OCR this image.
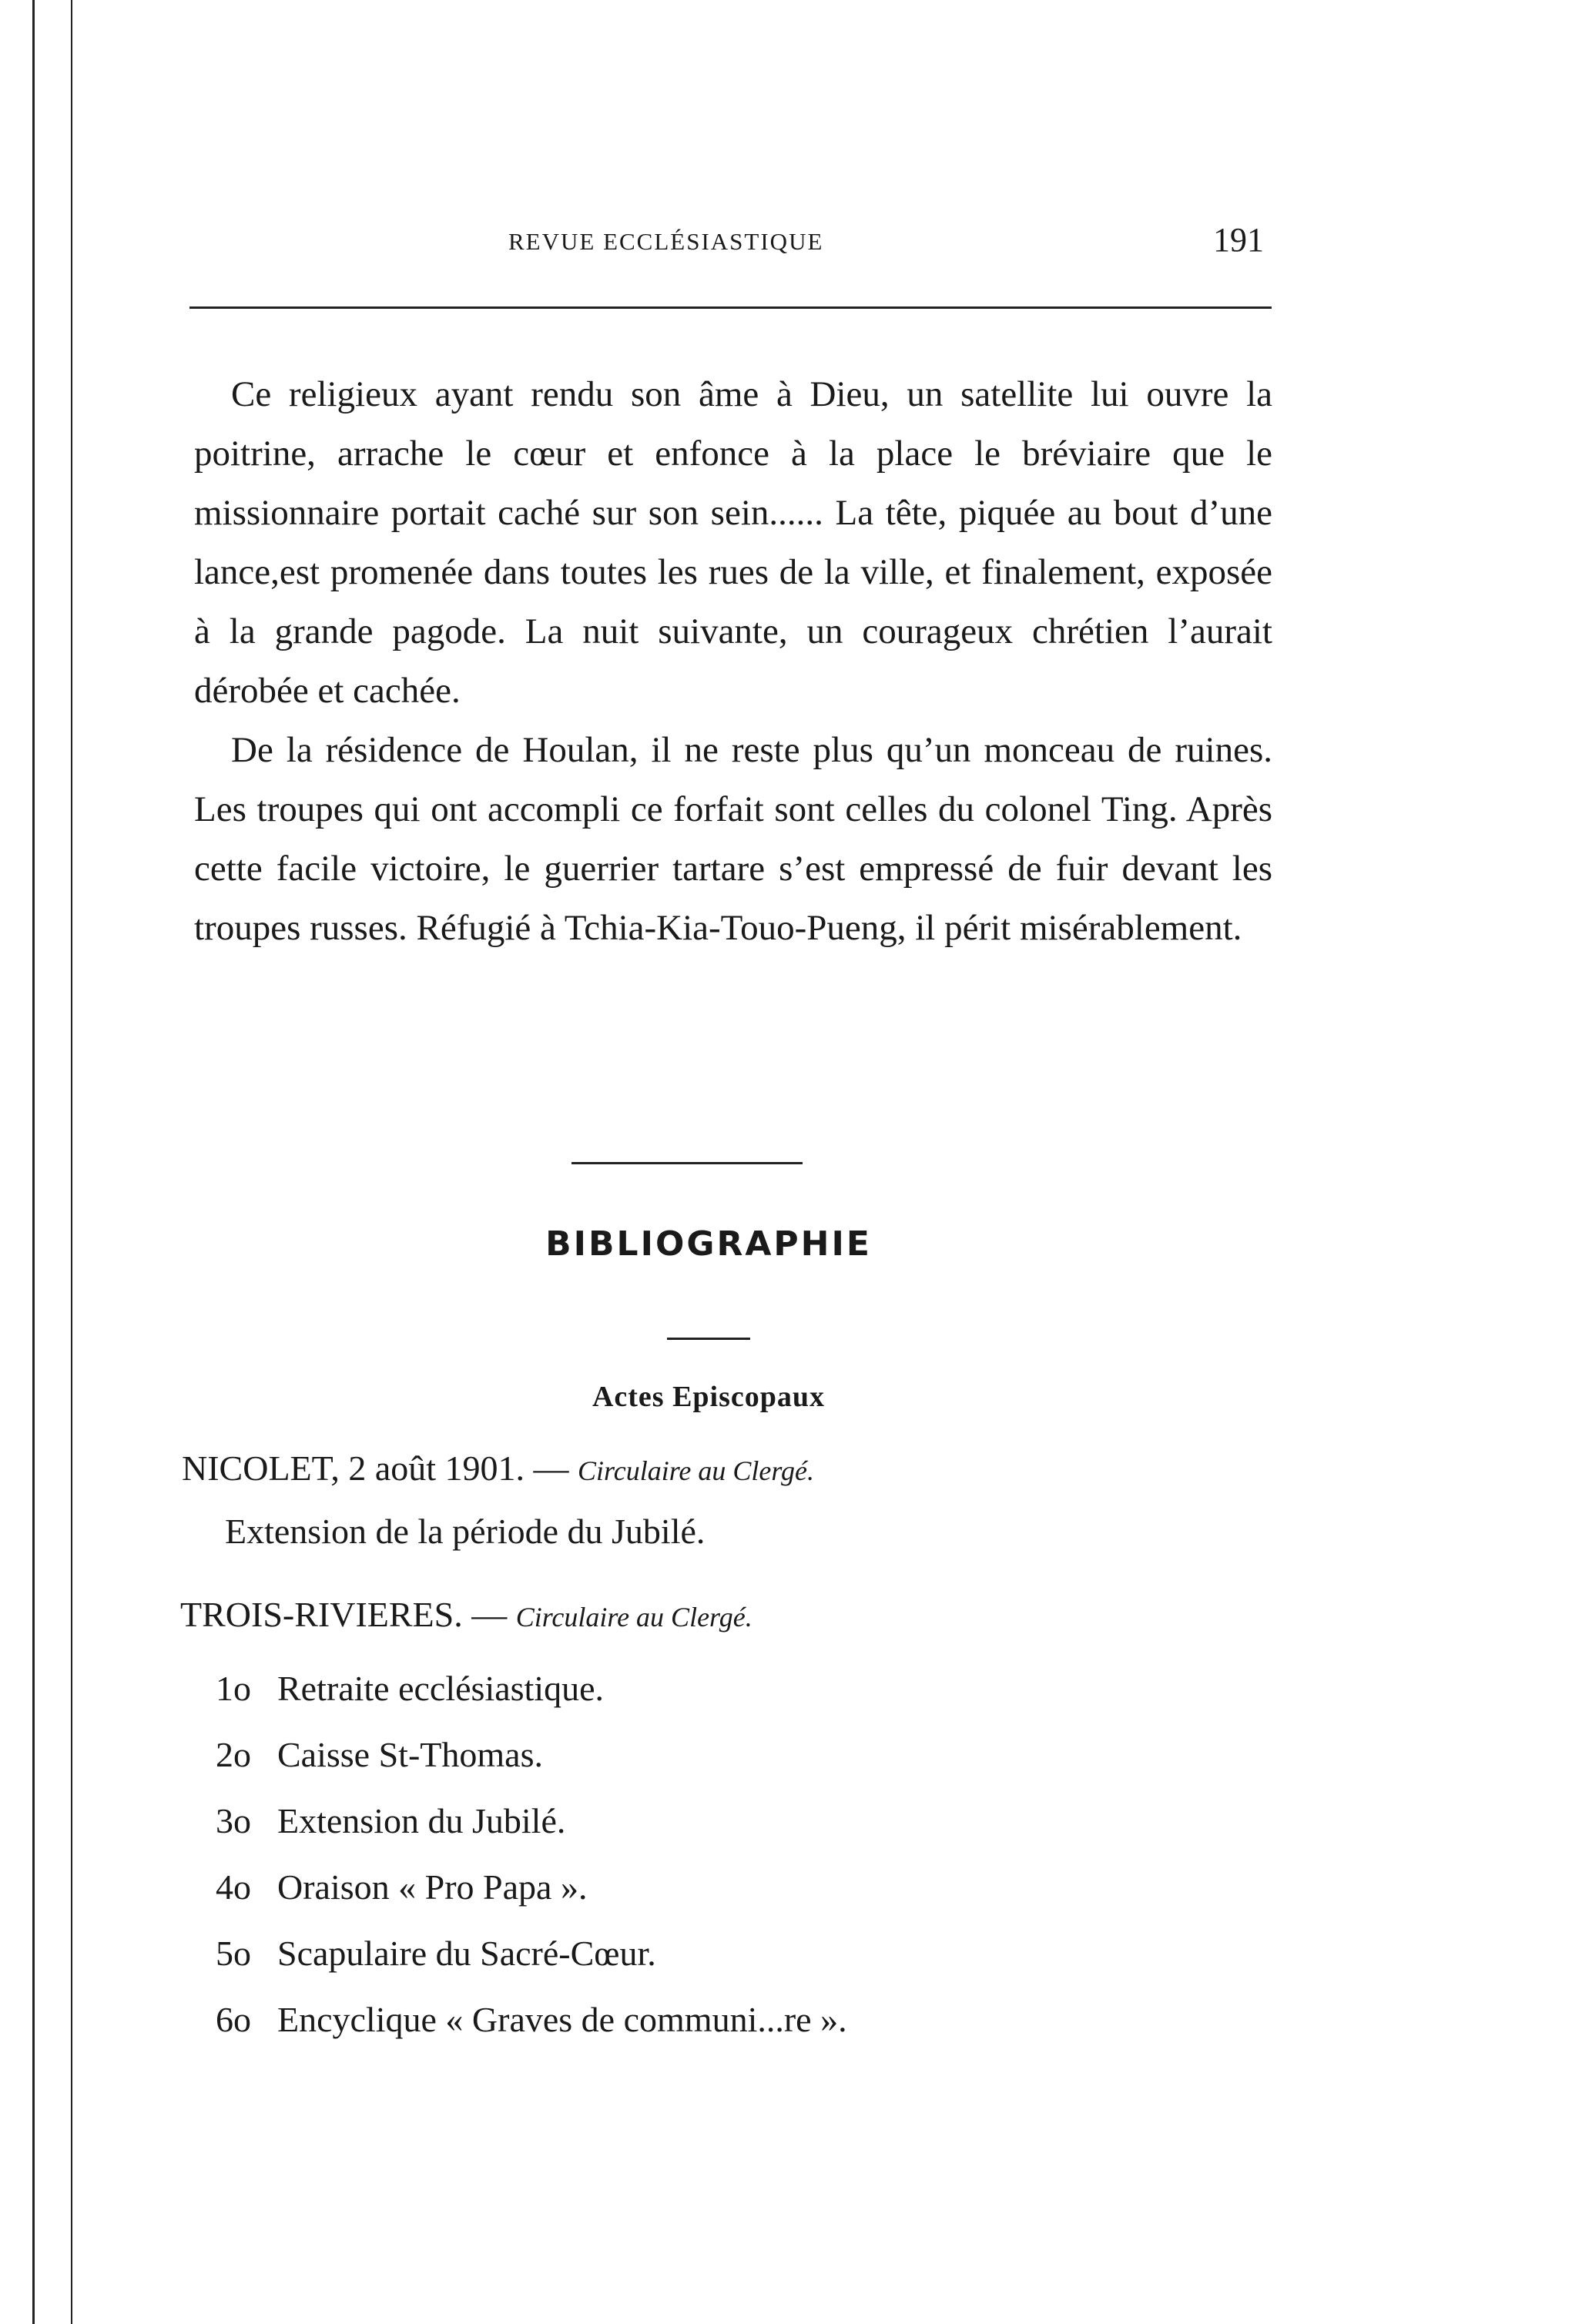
REVUE ECCLÉSIASTIQUE	191

Ce religieux ayant rendu son âme à Dieu, un satellite lui ouvre la poitrine, arrache le cœur et enfonce à la place le bréviaire que le missionnaire portait caché sur son sein...... La tête, piquée au bout d’une lance,est promenée dans toutes les rues de la ville, et finalement, exposée à la grande pagode. La nuit suivante, un courageux chrétien l’aurait dérobée et cachée.

De la résidence de Houlan, il ne reste plus qu’un monceau de ruines. Les troupes qui ont accompli ce forfait sont celles du colonel Ting. Après cette facile victoire, le guerrier tartare s’est empressé de fuir devant les troupes russes. Réfugié à Tchia-Kia-Touo-Pueng, il périt misérablement.

BIBLIOGRAPHIE
Actes Episcopaux
NICOLET, 2 août 1901. — Circulaire au Clergé.
Extension de la période du Jubilé.
TROIS-RIVIERES. — Circulaire au Clergé.
1o Retraite ecclésiastique.
2o Caisse St-Thomas.
3o Extension du Jubilé.
4o Oraison « Pro Papa ».
5o Scapulaire du Sacré-Cœur.
6o Encyclique « Graves de communi...re ».
